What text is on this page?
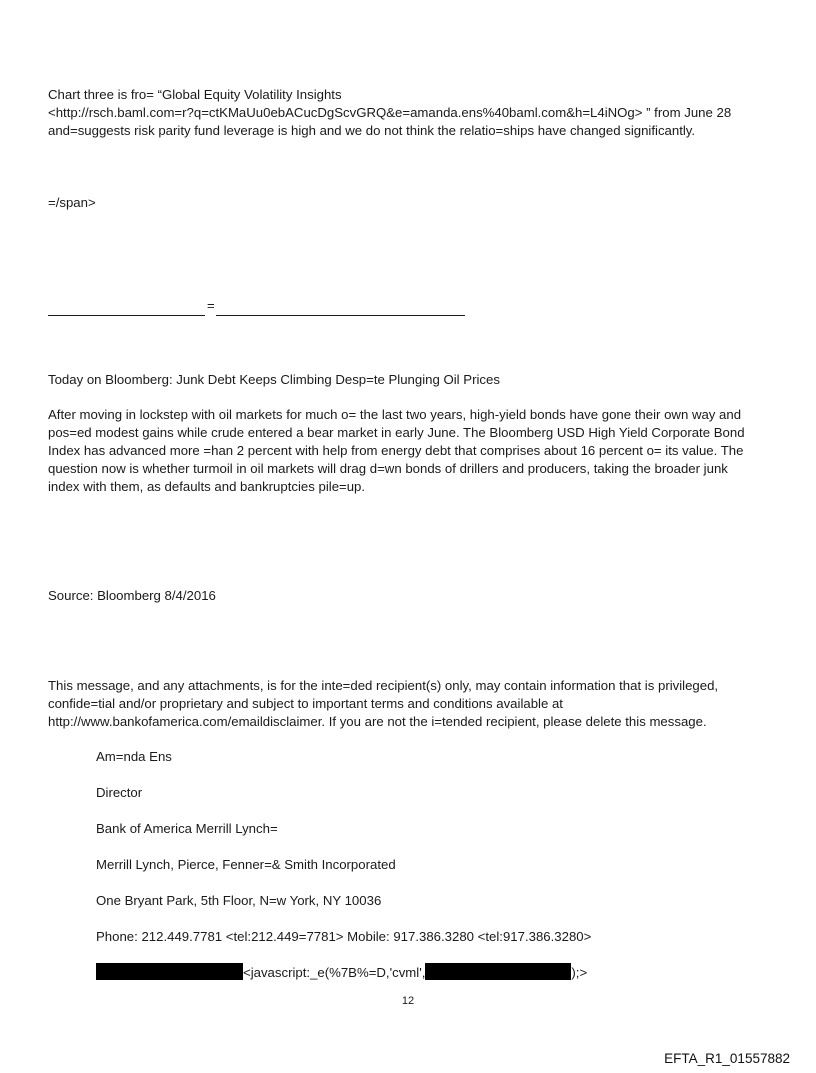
Chart three is fro= “Global Equity Volatility Insights
<http://rsch.baml.com=r?q=ctKMaUu0ebACucDgScvGRQ&e=amanda.ens%40baml.com&h=L4iNOg> ” from June 28
and=suggests risk parity fund leverage is high and we do not think the relatio=ships have changed significantly.

=/span>

=

Today on Bloomberg: Junk Debt Keeps Climbing Desp=te Plunging Oil Prices

After moving in lockstep with oil markets for much o= the last two years, high-yield bonds have gone their own way and
pos=ed modest gains while crude entered a bear market in early June. The Bloomberg USD High Yield Corporate Bond
Index has advanced more =han 2 percent with help from energy debt that comprises about 16 percent o= its value. The
question now is whether turmoil in oil markets will drag d=wn bonds of drillers and producers, taking the broader junk
index with them, as defaults and bankruptcies pile=up.

Source: Bloomberg 8/4/2016

This message, and any attachments, is for the inte=ded recipient(s) only, may contain information that is privileged,
confide=tial and/or proprietary and subject to important terms and conditions available at
http://www.bankofamerica.com/emaildisclaimer. If you are not the i=tended recipient, please delete this message.

Am=nda Ens

Director

Bank of America Merrill Lynch=

Merrill Lynch, Pierce, Fenner=& Smith Incorporated

One Bryant Park, 5th Floor, N=w York, NY 10036

Phone: 212.449.7781 <tel:212.449=7781> Mobile: 917.386.3280 <tel:917.386.3280>

<javascript:_e(%7B%=D,'cvml',	);>
12
EFTA_R1_01557882
